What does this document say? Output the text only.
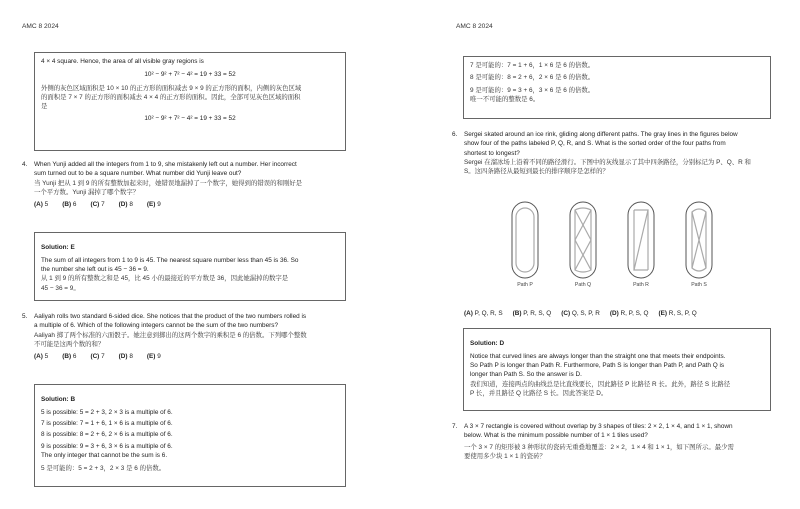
AMC 8 2024

4 × 4 square. Hence, the area of all visible gray regions is

10² − 9² + 7² − 4² = 19 + 33 = 52

外侧的灰色区域面积是 10 × 10 的正方形的面积减去 9 × 9 的正方形的面积，内侧的灰色区域

的面积是 7 × 7 的正方形的面积减去 4 × 4 的正方形的面积。因此，全部可见灰色区域的面积

是

10² − 9² + 7² − 4² = 19 + 33 = 52

4. When Yunji added all the integers from 1 to 9, she mistakenly left out a number. Her incorrect

sum turned out to be a square number. What number did Yunji leave out?

当 Yunji 把从 1 到 9 的所有整数加起来时，她错误地漏掉了一个数字，她得到的错误的和刚好是

一个平方数。Yunji 漏掉了哪个数字？

(A) 5 (B) 6 (C) 7 (D) 8 (E) 9

Solution: E

The sum of all integers from 1 to 9 is 45. The nearest square number less than 45 is 36. So

the number she left out is 45 − 36 = 9.

从 1 到 9 的所有整数之和是 45，比 45 小的最接近的平方数是 36，因此她漏掉的数字是

45 − 36 = 9。

5. Aaliyah rolls two standard 6-sided dice. She notices that the product of the two numbers rolled is

a multiple of 6. Which of the following integers cannot be the sum of the two numbers?

Aaliyah 掷了两个标准的六面骰子。她注意到掷出的这两个数字的乘积是 6 的倍数。下列哪个整数

不可能是这两个数的和？

(A) 5 (B) 6 (C) 7 (D) 8 (E) 9

Solution: B

5 is possible: 5 = 2 + 3, 2 × 3 is a multiple of 6.

7 is possible: 7 = 1 + 6, 1 × 6 is a multiple of 6.

8 is possible: 8 = 2 + 6, 2 × 6 is a multiple of 6.

9 is possible: 9 = 3 + 6, 3 × 6 is a multiple of 6.

The only integer that cannot be the sum is 6.

5 是可能的：5 = 2 + 3，2 × 3 是 6 的倍数。

AMC 8 2024

7 是可能的：7 = 1 + 6，1 × 6 是 6 的倍数。

8 是可能的：8 = 2 + 6，2 × 6 是 6 的倍数。

9 是可能的：9 = 3 + 6，3 × 6 是 6 的倍数。

唯一不可能的整数是 6。

6. Sergei skated around an ice rink, gliding along different paths. The gray lines in the figures below

show four of the paths labeled P, Q, R, and S. What is the sorted order of the four paths from

shortest to longest?

Sergei 在溜冰场上沿着不同的路径滑行。下图中的灰线显示了其中四条路径，分别标记为 P、Q、R 和

S。这四条路径从最短到最长的排序顺序是怎样的？

Path P	Path Q	Path R	Path S
(A) P, Q, R, S (B) P, R, S, Q (C) Q, S, P, R (D) R, P, S, Q (E) R, S, P, Q

Solution: D

Notice that curved lines are always longer than the straight one that meets their endpoints.

So Path P is longer than Path R. Furthermore, Path S is longer than Path P, and Path Q is

longer than Path S. So the answer is D.

我们知道，连接两点的曲线总是比直线要长，因此路径 P 比路径 R 长。此外，路径 S 比路径

P 长，并且路径 Q 比路径 S 长。因此答案是 D。

7. A 3 × 7 rectangle is covered without overlap by 3 shapes of tiles: 2 × 2, 1 × 4, and 1 × 1, shown

below. What is the minimum possible number of 1 × 1 tiles used?

一个 3 × 7 的矩形被 3 种形状的瓷砖无重叠地覆盖：2 × 2，1 × 4 和 1 × 1，如下图所示。最少需

要使用多少块 1 × 1 的瓷砖？
